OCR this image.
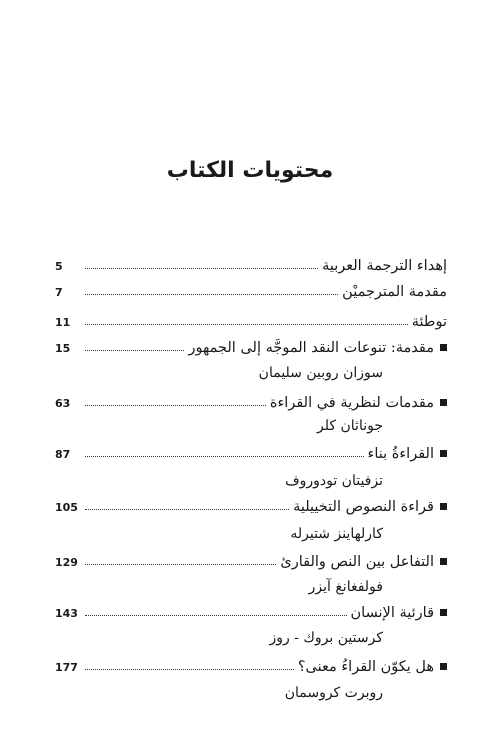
محتويات الكتاب
إهداء الترجمة العربية
5
مقدمة المترجميْن
7
توطئة
11
مقدمة: تنوعات النقد الموجَّه إلى الجمهور
15
سوزان روبين سليمان
مقدمات لنظرية في القراءة
63
جوناثان كلر
القراءةُ بناء
87
تزفيتان تودوروف
قراءة النصوص التخييلية
105
كارلهاينز شتيرله
التفاعل بين النص والقارئ
129
فولفغانغ آيزر
قارئية الإنسان
143
كرستين بروك - روز
هل يكوّن القراءُ معنى؟
177
روبرت كروسمان
